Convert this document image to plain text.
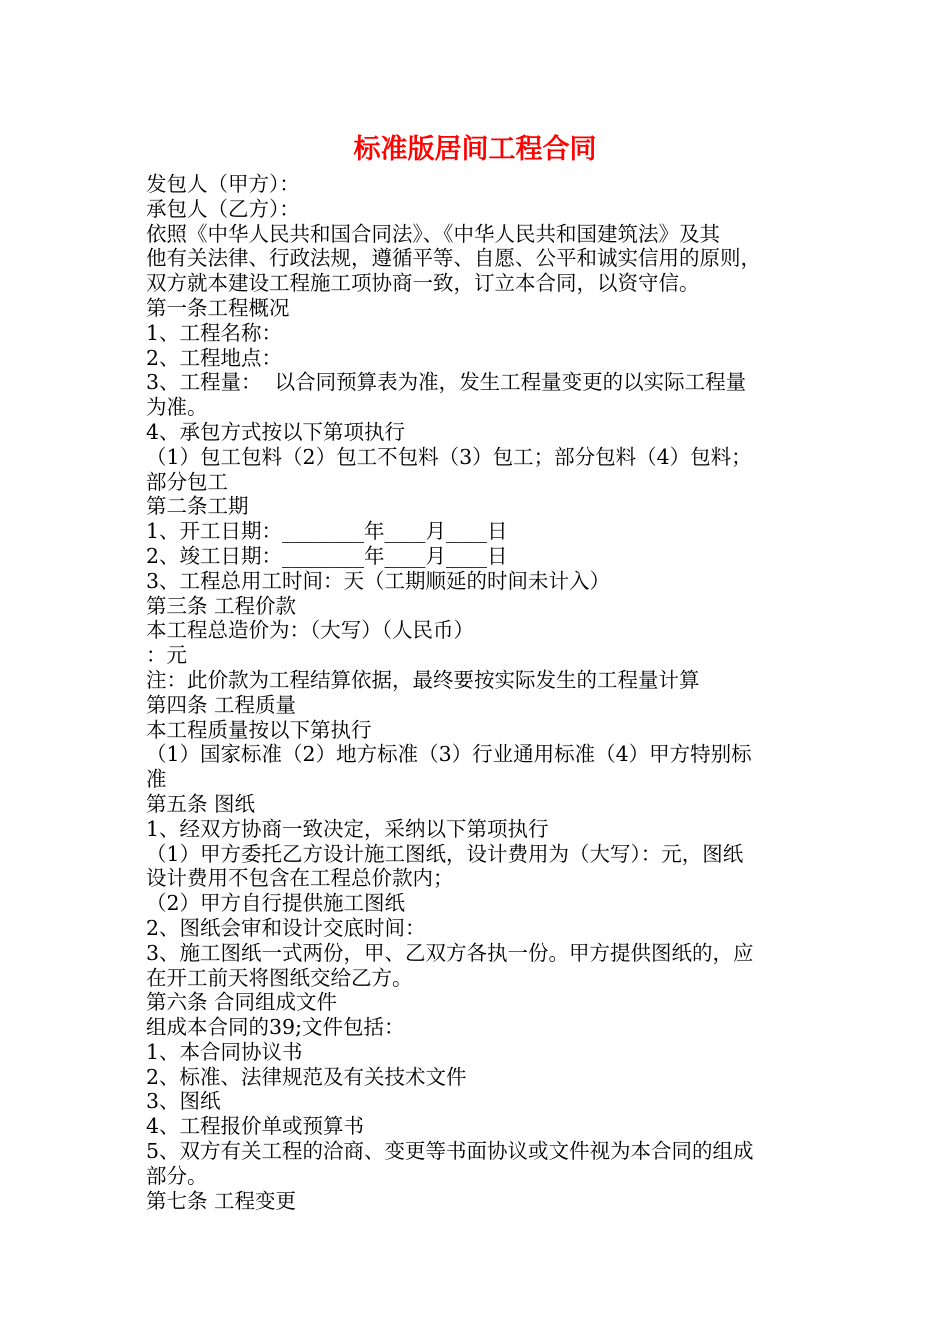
标准版居间工程合同
发包人（甲方）：
承包人（乙方）：
依照《中华人民共和国合同法》、《中华人民共和国建筑法》及其
他有关法律、行政法规，遵循平等、自愿、公平和诚实信用的原则，
双方就本建设工程施工项协商一致，订立本合同，以资守信。
第一条工程概况
1、工程名称：
2、工程地点：
3、工程量：  以合同预算表为准，发生工程量变更的以实际工程量
为准。
4、承包方式按以下第项执行
（1）包工包料（2）包工不包料（3）包工；部分包料（4）包料；
部分包工
第二条工期
1、开工日期：________年____月____日
2、竣工日期：________年____月____日
3、工程总用工时间：天（工期顺延的时间未计入）
第三条 工程价款
本工程总造价为：（大写）（人民币）
：元
注：此价款为工程结算依据，最终要按实际发生的工程量计算
第四条 工程质量
本工程质量按以下第执行
（1）国家标准（2）地方标准（3）行业通用标准（4）甲方特别标
准
第五条 图纸
1、经双方协商一致决定，采纳以下第项执行
（1）甲方委托乙方设计施工图纸，设计费用为（大写）：元，图纸
设计费用不包含在工程总价款内；
（2）甲方自行提供施工图纸
2、图纸会审和设计交底时间：
3、施工图纸一式两份，甲、乙双方各执一份。甲方提供图纸的，应
在开工前天将图纸交给乙方。
第六条 合同组成文件
组成本合同的39;文件包括：
1、本合同协议书
2、标准、法律规范及有关技术文件
3、图纸
4、工程报价单或预算书
5、双方有关工程的洽商、变更等书面协议或文件视为本合同的组成
部分。
第七条 工程变更
